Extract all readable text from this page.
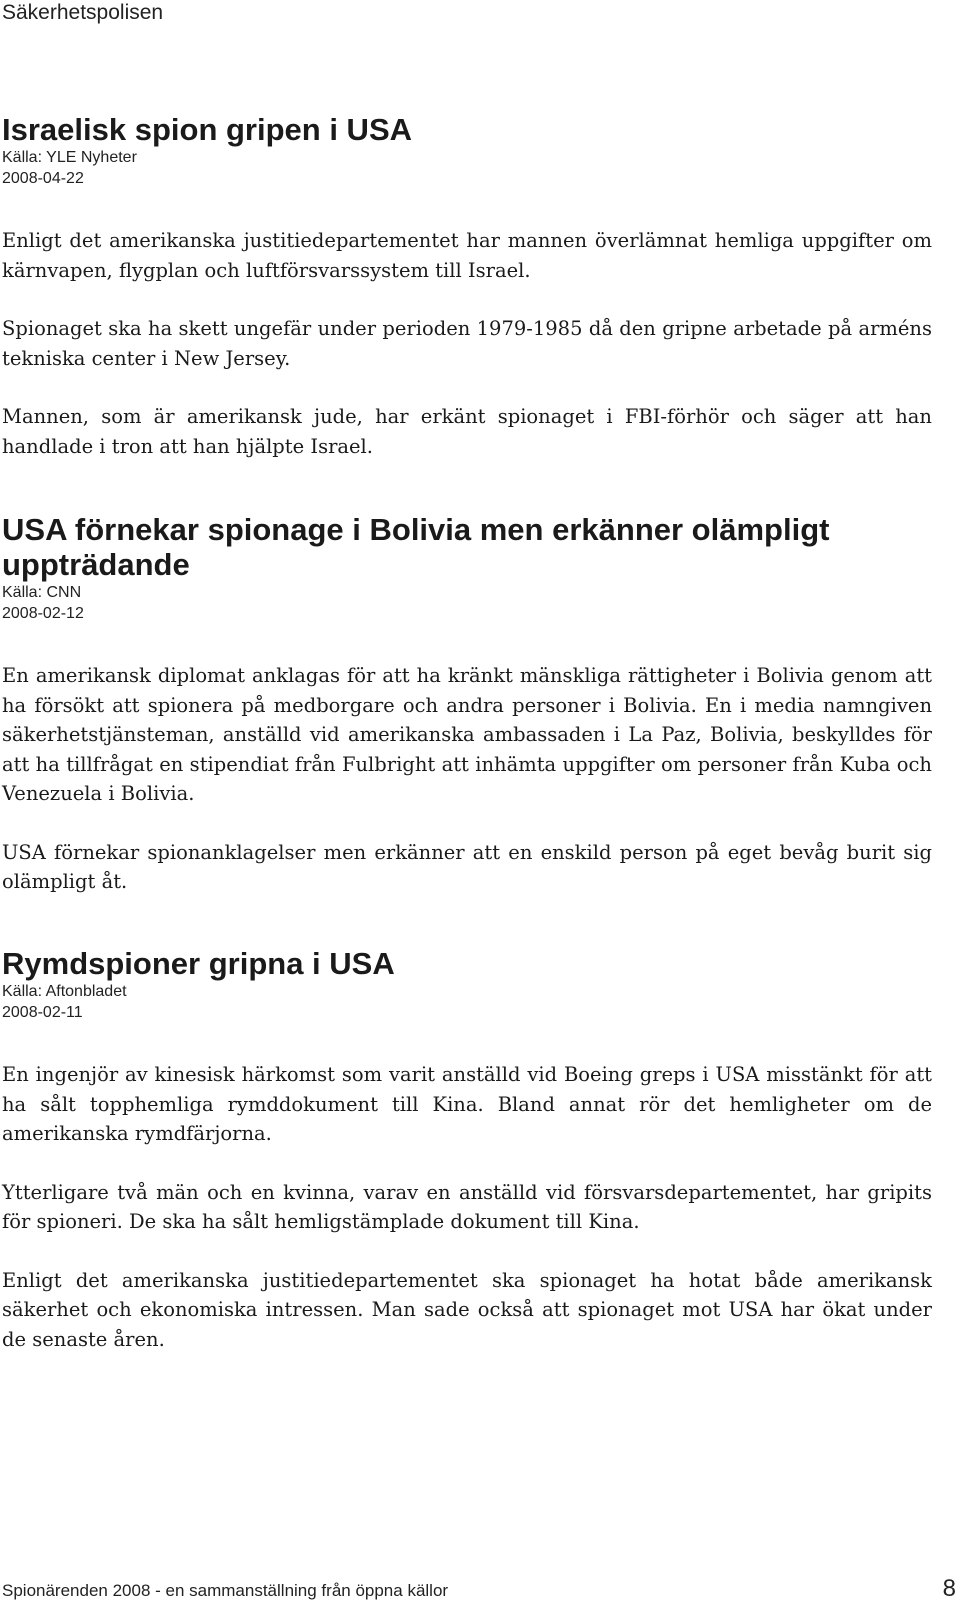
Säkerhetspolisen
Israelisk spion gripen i USA
Källa: YLE Nyheter
2008-04-22

Enligt det amerikanska justitiedepartementet har mannen överlämnat hemliga uppgifter om kärnvapen, flygplan och luftförsvarssystem till Israel.

Spionaget ska ha skett ungefär under perioden 1979-1985 då den gripne arbetade på arméns tekniska center i New Jersey.

Mannen, som är amerikansk jude, har erkänt spionaget i FBI-förhör och säger att han handlade i tron att han hjälpte Israel.

USA förnekar spionage i Bolivia men erkänner olämpligt uppträdande
Källa: CNN
2008-02-12

En amerikansk diplomat anklagas för att ha kränkt mänskliga rättigheter i Bolivia genom att ha försökt att spionera på medborgare och andra personer i Bolivia. En i media namngiven säkerhetstjänsteman, anställd vid amerikanska ambassaden i La Paz, Bolivia, beskylldes för att ha tillfrågat en stipendiat från Fulbright att inhämta uppgifter om personer från Kuba och Venezuela i Bolivia.

USA förnekar spionanklagelser men erkänner att en enskild person på eget bevåg burit sig olämpligt åt.

Rymdspioner gripna i USA
Källa: Aftonbladet
2008-02-11

En ingenjör av kinesisk härkomst som varit anställd vid Boeing greps i USA misstänkt för att ha sålt topphemliga rymddokument till Kina. Bland annat rör det hemligheter om de amerikanska rymdfärjorna.

Ytterligare två män och en kvinna, varav en anställd vid försvarsdepartementet, har gripits för spioneri. De ska ha sålt hemligstämplade dokument till Kina.

Enligt det amerikanska justitiedepartementet ska spionaget ha hotat både amerikansk säkerhet och ekonomiska intressen. Man sade också att spionaget mot USA har ökat under de senaste åren.

Spionärenden 2008 - en sammanställning från öppna källor	8
